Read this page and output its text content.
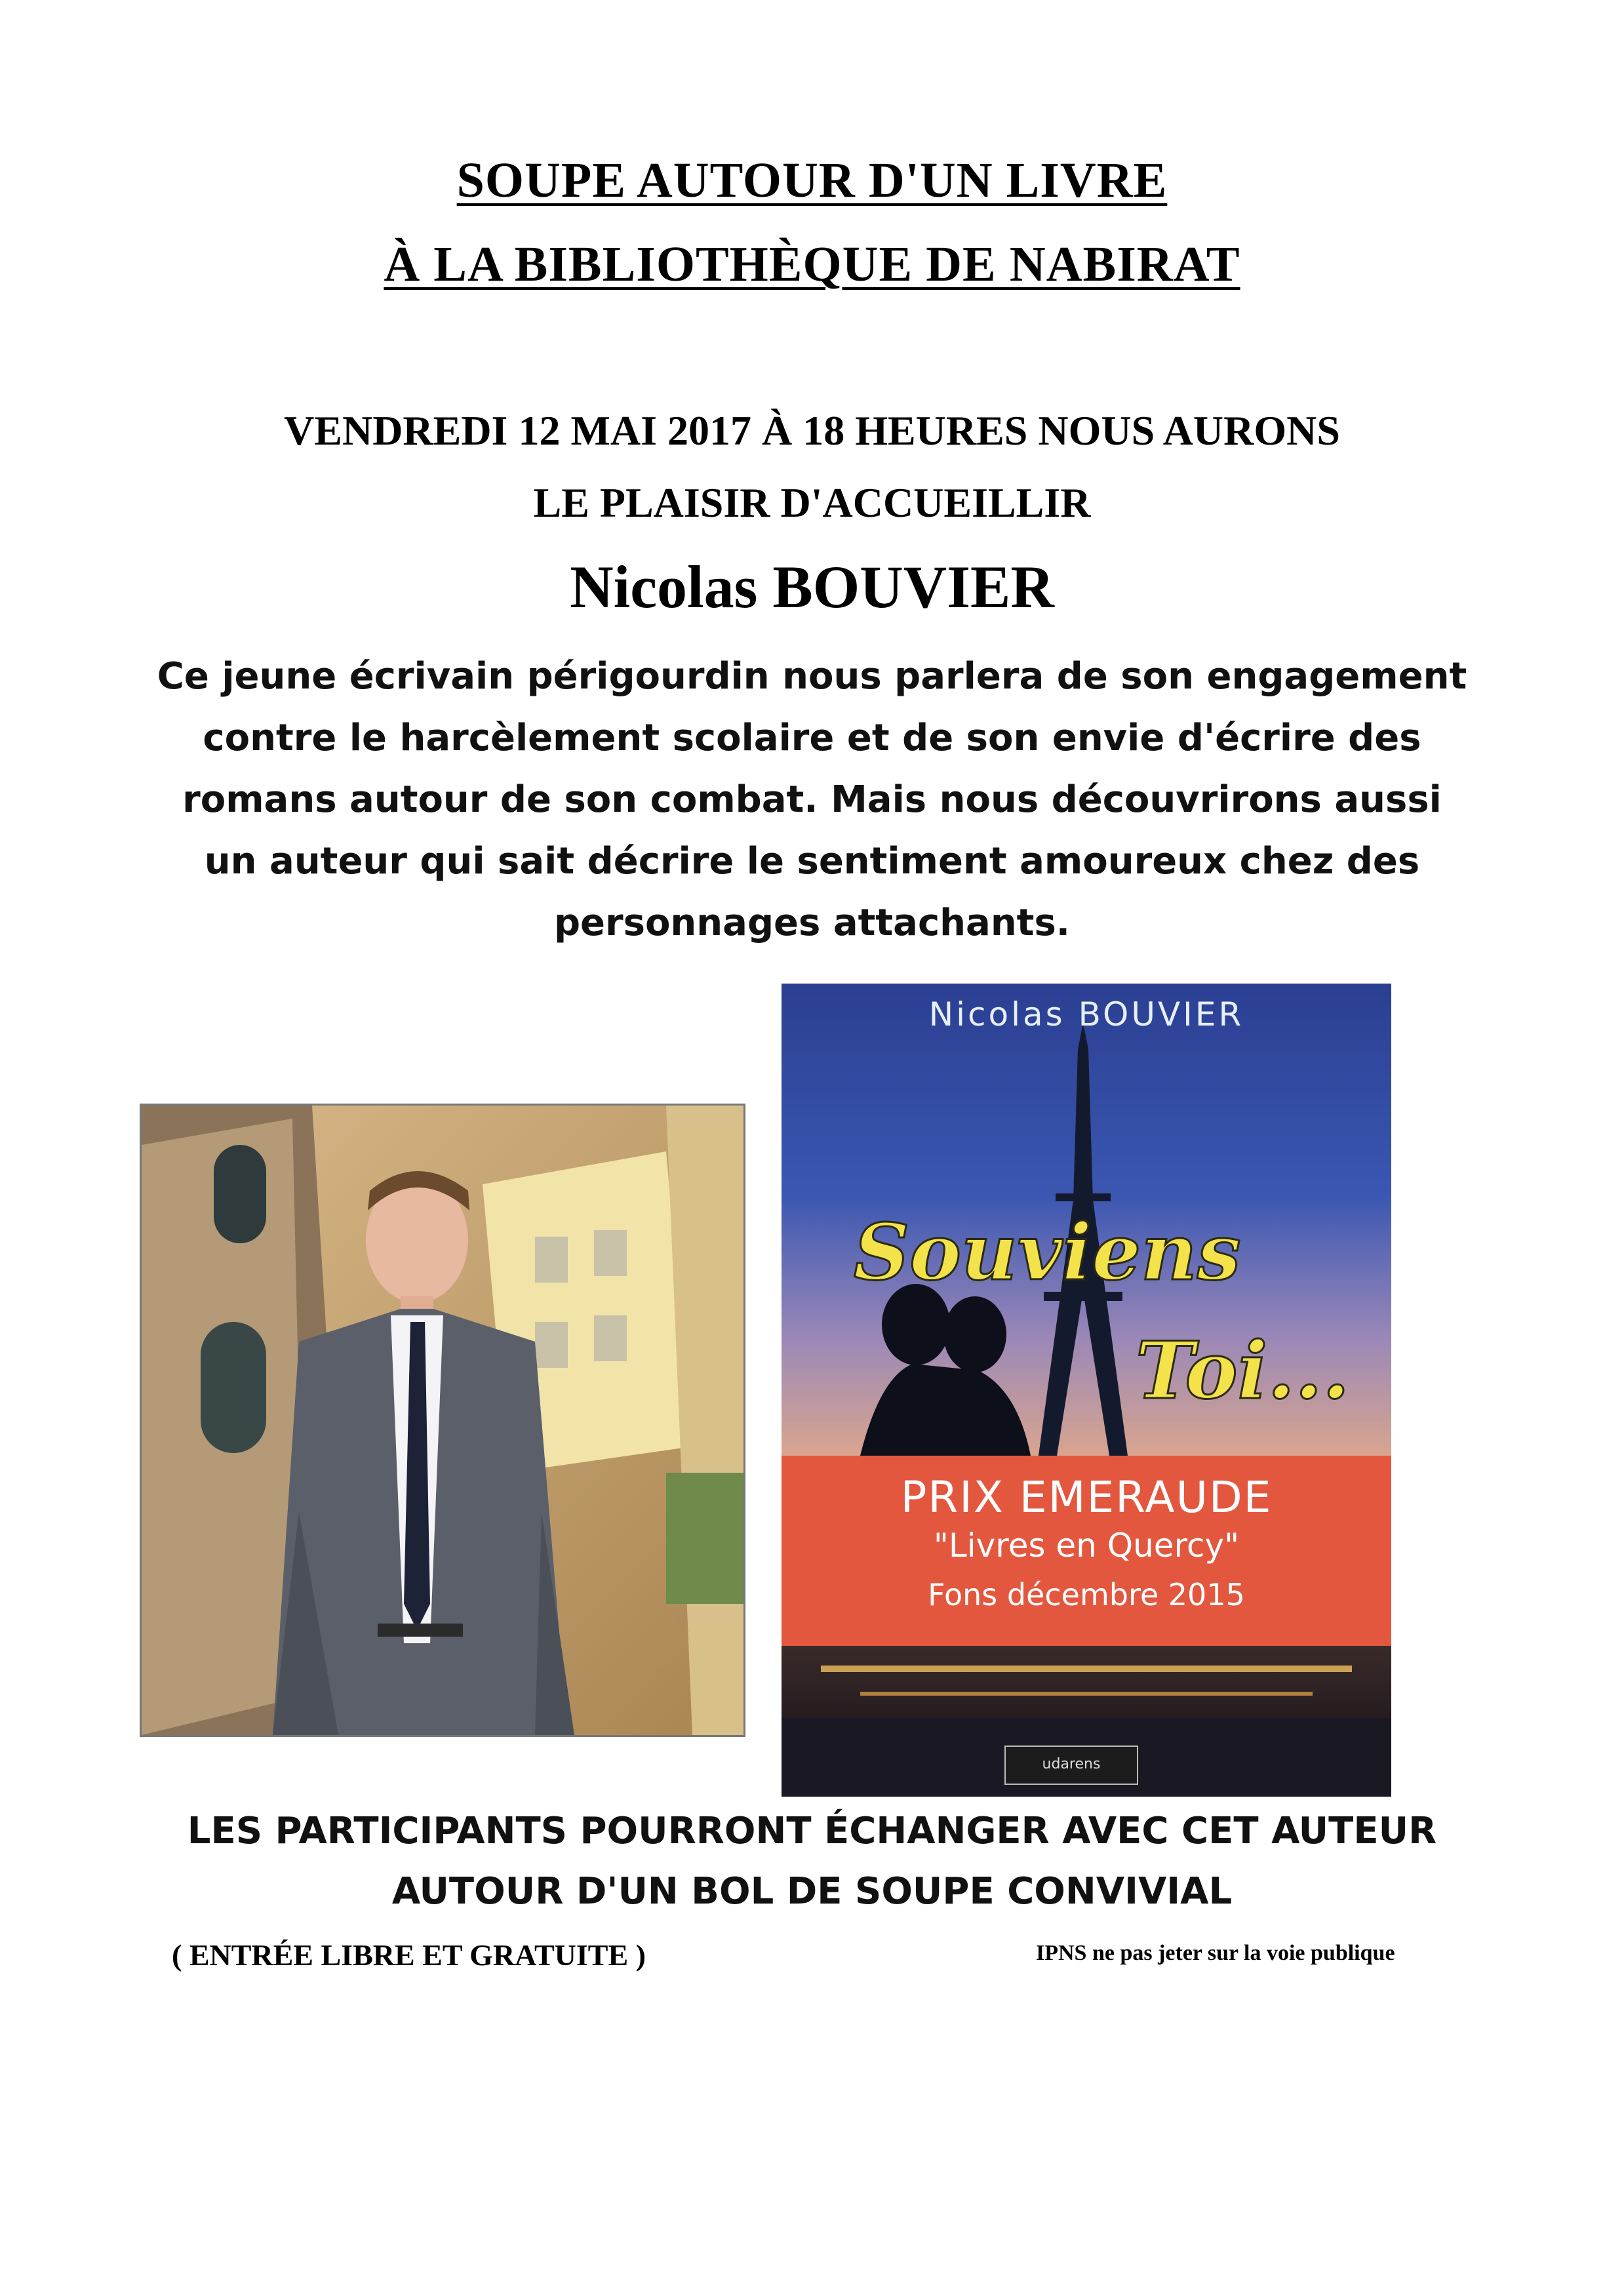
SOUPE AUTOUR D'UN LIVRE
À LA BIBLIOTHÈQUE DE NABIRAT
VENDREDI 12 MAI 2017 À 18 HEURES NOUS AURONS
LE PLAISIR D'ACCUEILLIR
Nicolas BOUVIER
Ce jeune écrivain périgourdin nous parlera de son engagement
contre le harcèlement scolaire et de son envie d'écrire des
romans autour de son combat. Mais nous découvrirons aussi
un auteur qui sait décrire le sentiment amoureux chez des
personnages attachants.
Nicolas BOUVIER
Souviens
Toi...
PRIX EMERAUDE
"Livres en Quercy"
Fons décembre 2015
udarens
LES PARTICIPANTS POURRONT ÉCHANGER AVEC CET AUTEUR
AUTOUR D'UN BOL DE SOUPE CONVIVIAL
( ENTRÉE LIBRE ET GRATUITE )	IPNS ne pas jeter sur la voie publique
